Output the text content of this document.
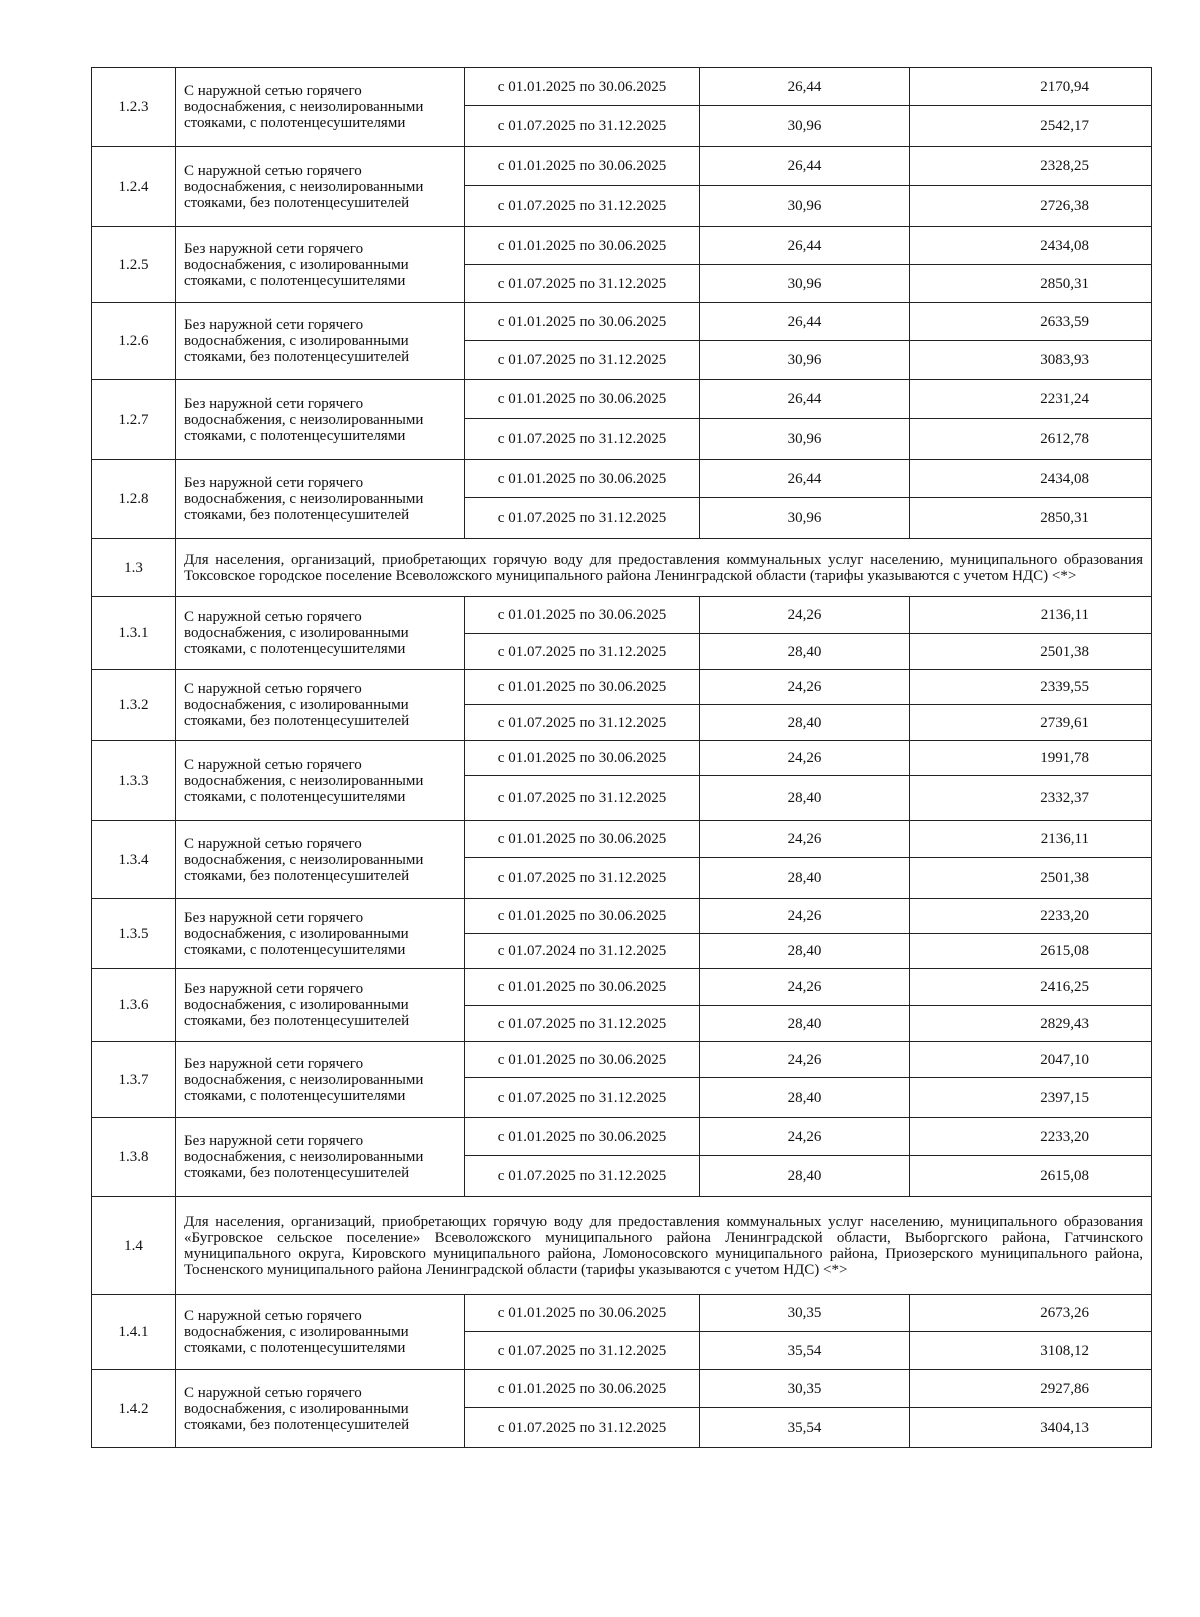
1.2.3	С наружной сетью горячего водоснабжения, с неизолированными стояками, с полотенцесушителями	с 01.01.2025 по 30.06.2025	26,44	2170,94
		с 01.07.2025 по 31.12.2025	30,96	2542,17
1.2.4	С наружной сетью горячего водоснабжения, с неизолированными стояками, без полотенцесушителей	с 01.01.2025 по 30.06.2025	26,44	2328,25
		с 01.07.2025 по 31.12.2025	30,96	2726,38
1.2.5	Без наружной сети горячего водоснабжения, с изолированными стояками, с полотенцесушителями	с 01.01.2025 по 30.06.2025	26,44	2434,08
		с 01.07.2025 по 31.12.2025	30,96	2850,31
1.2.6	Без наружной сети горячего водоснабжения, с изолированными стояками, без полотенцесушителей	с 01.01.2025 по 30.06.2025	26,44	2633,59
		с 01.07.2025 по 31.12.2025	30,96	3083,93
1.2.7	Без наружной сети горячего водоснабжения, с неизолированными стояками, с полотенцесушителями	с 01.01.2025 по 30.06.2025	26,44	2231,24
		с 01.07.2025 по 31.12.2025	30,96	2612,78
1.2.8	Без наружной сети горячего водоснабжения, с неизолированными стояками, без полотенцесушителей	с 01.01.2025 по 30.06.2025	26,44	2434,08
		с 01.07.2025 по 31.12.2025	30,96	2850,31
1.3	Для населения, организаций, приобретающих горячую воду для предоставления коммунальных услуг населению, муниципального образования Токсовское городское поселение Всеволожского муниципального района Ленинградской области (тарифы указываются с учетом НДС) <*>			
1.3.1	С наружной сетью горячего водоснабжения, с изолированными стояками, с полотенцесушителями	с 01.01.2025 по 30.06.2025	24,26	2136,11
		с 01.07.2025 по 31.12.2025	28,40	2501,38
1.3.2	С наружной сетью горячего водоснабжения, с изолированными стояками, без полотенцесушителей	с 01.01.2025 по 30.06.2025	24,26	2339,55
		с 01.07.2025 по 31.12.2025	28,40	2739,61
1.3.3	С наружной сетью горячего водоснабжения, с неизолированными стояками, с полотенцесушителями	с 01.01.2025 по 30.06.2025	24,26	1991,78
		с 01.07.2025 по 31.12.2025	28,40	2332,37
1.3.4	С наружной сетью горячего водоснабжения, с неизолированными стояками, без полотенцесушителей	с 01.01.2025 по 30.06.2025	24,26	2136,11
		с 01.07.2025 по 31.12.2025	28,40	2501,38
1.3.5	Без наружной сети горячего водоснабжения, с изолированными стояками, с полотенцесушителями	с 01.01.2025 по 30.06.2025	24,26	2233,20
		с 01.07.2024 по 31.12.2025	28,40	2615,08
1.3.6	Без наружной сети горячего водоснабжения, с изолированными стояками, без полотенцесушителей	с 01.01.2025 по 30.06.2025	24,26	2416,25
		с 01.07.2025 по 31.12.2025	28,40	2829,43
1.3.7	Без наружной сети горячего водоснабжения, с неизолированными стояками, с полотенцесушителями	с 01.01.2025 по 30.06.2025	24,26	2047,10
		с 01.07.2025 по 31.12.2025	28,40	2397,15
1.3.8	Без наружной сети горячего водоснабжения, с неизолированными стояками, без полотенцесушителей	с 01.01.2025 по 30.06.2025	24,26	2233,20
		с 01.07.2025 по 31.12.2025	28,40	2615,08
1.4	Для населения, организаций, приобретающих горячую воду для предоставления коммунальных услуг населению, муниципального образования «Бугровское сельское поселение» Всеволожского муниципального района Ленинградской области, Выборгского района, Гатчинского муниципального округа, Кировского муниципального района, Ломоносовского муниципального района, Приозерского муниципального района, Тосненского муниципального района Ленинградской области (тарифы указываются с учетом НДС) <*>			
1.4.1	С наружной сетью горячего водоснабжения, с изолированными стояками, с полотенцесушителями	с 01.01.2025 по 30.06.2025	30,35	2673,26
		с 01.07.2025 по 31.12.2025	35,54	3108,12
1.4.2	С наружной сетью горячего водоснабжения, с изолированными стояками, без полотенцесушителей	с 01.01.2025 по 30.06.2025	30,35	2927,86
		с 01.07.2025 по 31.12.2025	35,54	3404,13
